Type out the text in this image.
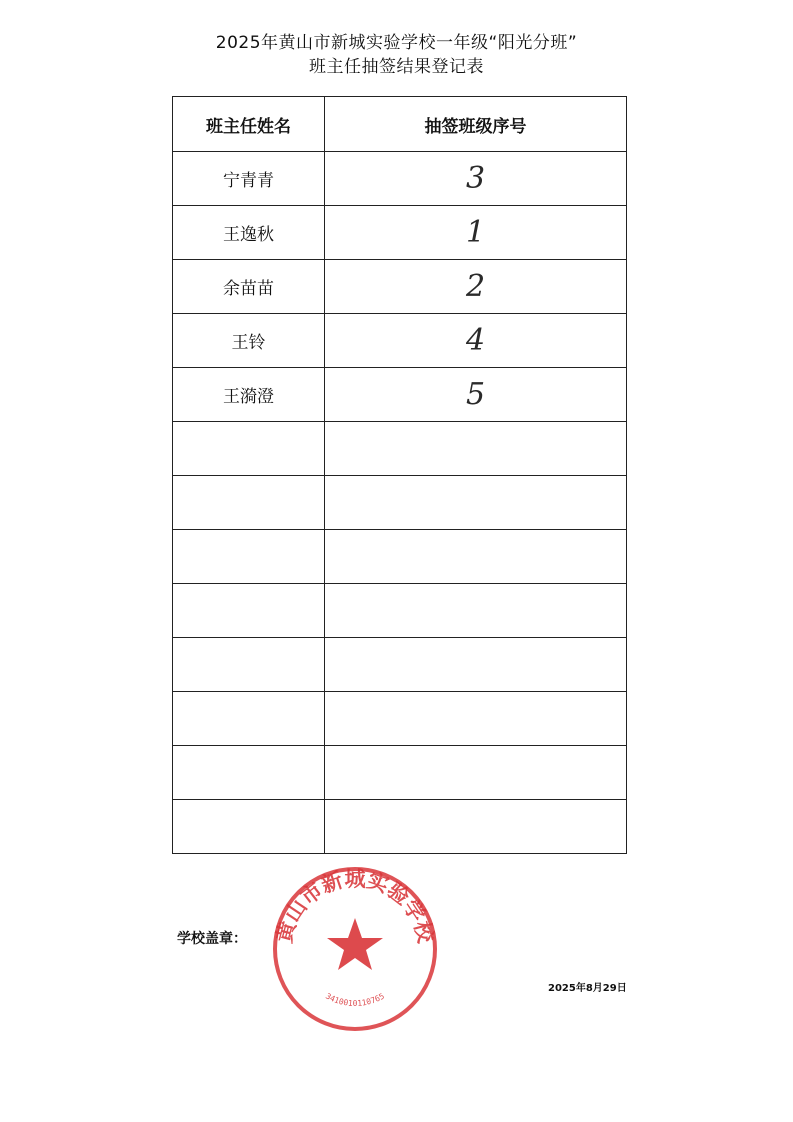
2025年黄山市新城实验学校一年级“阳光分班”
班主任抽签结果登记表
班主任姓名	抽签班级序号
宁青青	3
王逸秋	1
余苗苗	2
王铃	4
王漪澄	5

学校盖章：
2025年8月29日
黄山市新城实验学校
3410010110765
